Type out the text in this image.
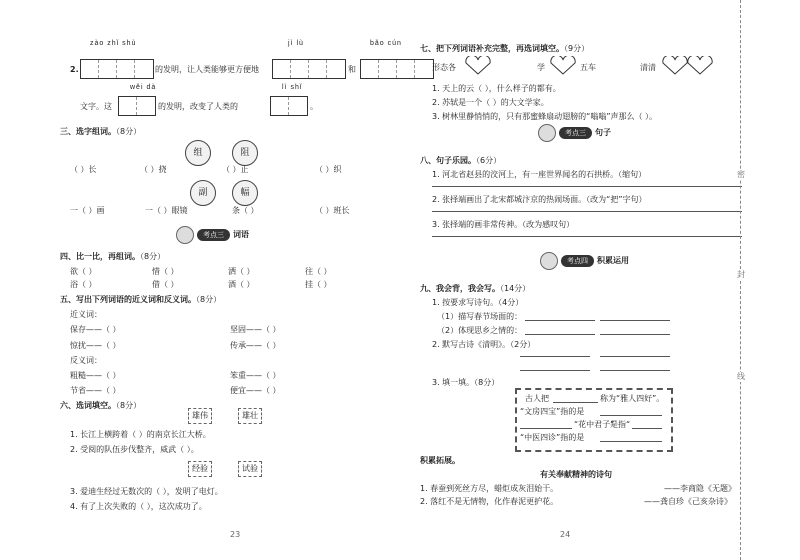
zào zhǐ shù
2.	的发明，让人类能够更方便地
jì lù
和
bǎo cún
文字。这
wěi dà
的发明，改变了人类的
lì shǐ
。
三、选字组词。（8分）
组	阻
（ ）长	（ ）挠	（ ）止	（ ）织
副	幅
一（ ）画	一（ ）眼镜	条（ ）	（ ）班长
考点三	词语
四、比一比，再组词。（8分）
欲（ ）	惜（ ）	洒（ ）	往（ ）
浴（ ）	借（ ）	酒（ ）	挂（ ）
五、写出下列词语的近义词和反义词。（8分）
近义词：
保存——（ ）	坚固——（ ）
惊扰——（ ）	传承——（ ）
反义词：
粗糙——（ ）	笨重——（ ）
节省——（ ）	便宜——（ ）
六、选词填空。（8分）
雄伟	雄壮
1. 长江上横跨着（ ）的南京长江大桥。
2. 受阅的队伍步伐整齐，威武（ ）。
经验	试验
3. 爱迪生经过无数次的（ ），发明了电灯。
4. 有了上次失败的（ ），这次成功了。
23
七、把下列词语补充完整，再选词填空。（9分）
形态各	学	五车	清清
1. 天上的云（ ），什么样子的都有。
2. 苏轼是一个（ ）的大文学家。
3. 树林里静悄悄的，只有那蜜蜂扇动翅膀的“嗡嗡”声那么（ ）。
考点三	句子
八、句子乐园。（6分）
1. 河北省赵县的洨河上，有一座世界闻名的石拱桥。（缩句）
2. 张择端画出了北宋都城汴京的热闹场面。（改为“把”字句）
3. 张择端的画非常传神。（改为感叹句）
考点四	积累运用
九、我会背，我会写。（14分）
1. 按要求写诗句。（4分）
（1）描写春节场面的：
（2）体现思乡之情的：
2. 默写古诗《清明》。（2分）
3. 填一填。（8分）
古人把	称为“雅人四好”。
“文房四宝”指的是
“花中君子”
是指“
“中医四诊”指的是
积累拓展。
有关奉献精神的诗句
1. 春蚕到死丝方尽，蜡炬成灰泪始干。	——李商隐《无题》
2. 落红不是无情物，化作春泥更护花。	——龚自珍《己亥杂诗》
24
密
封
线
